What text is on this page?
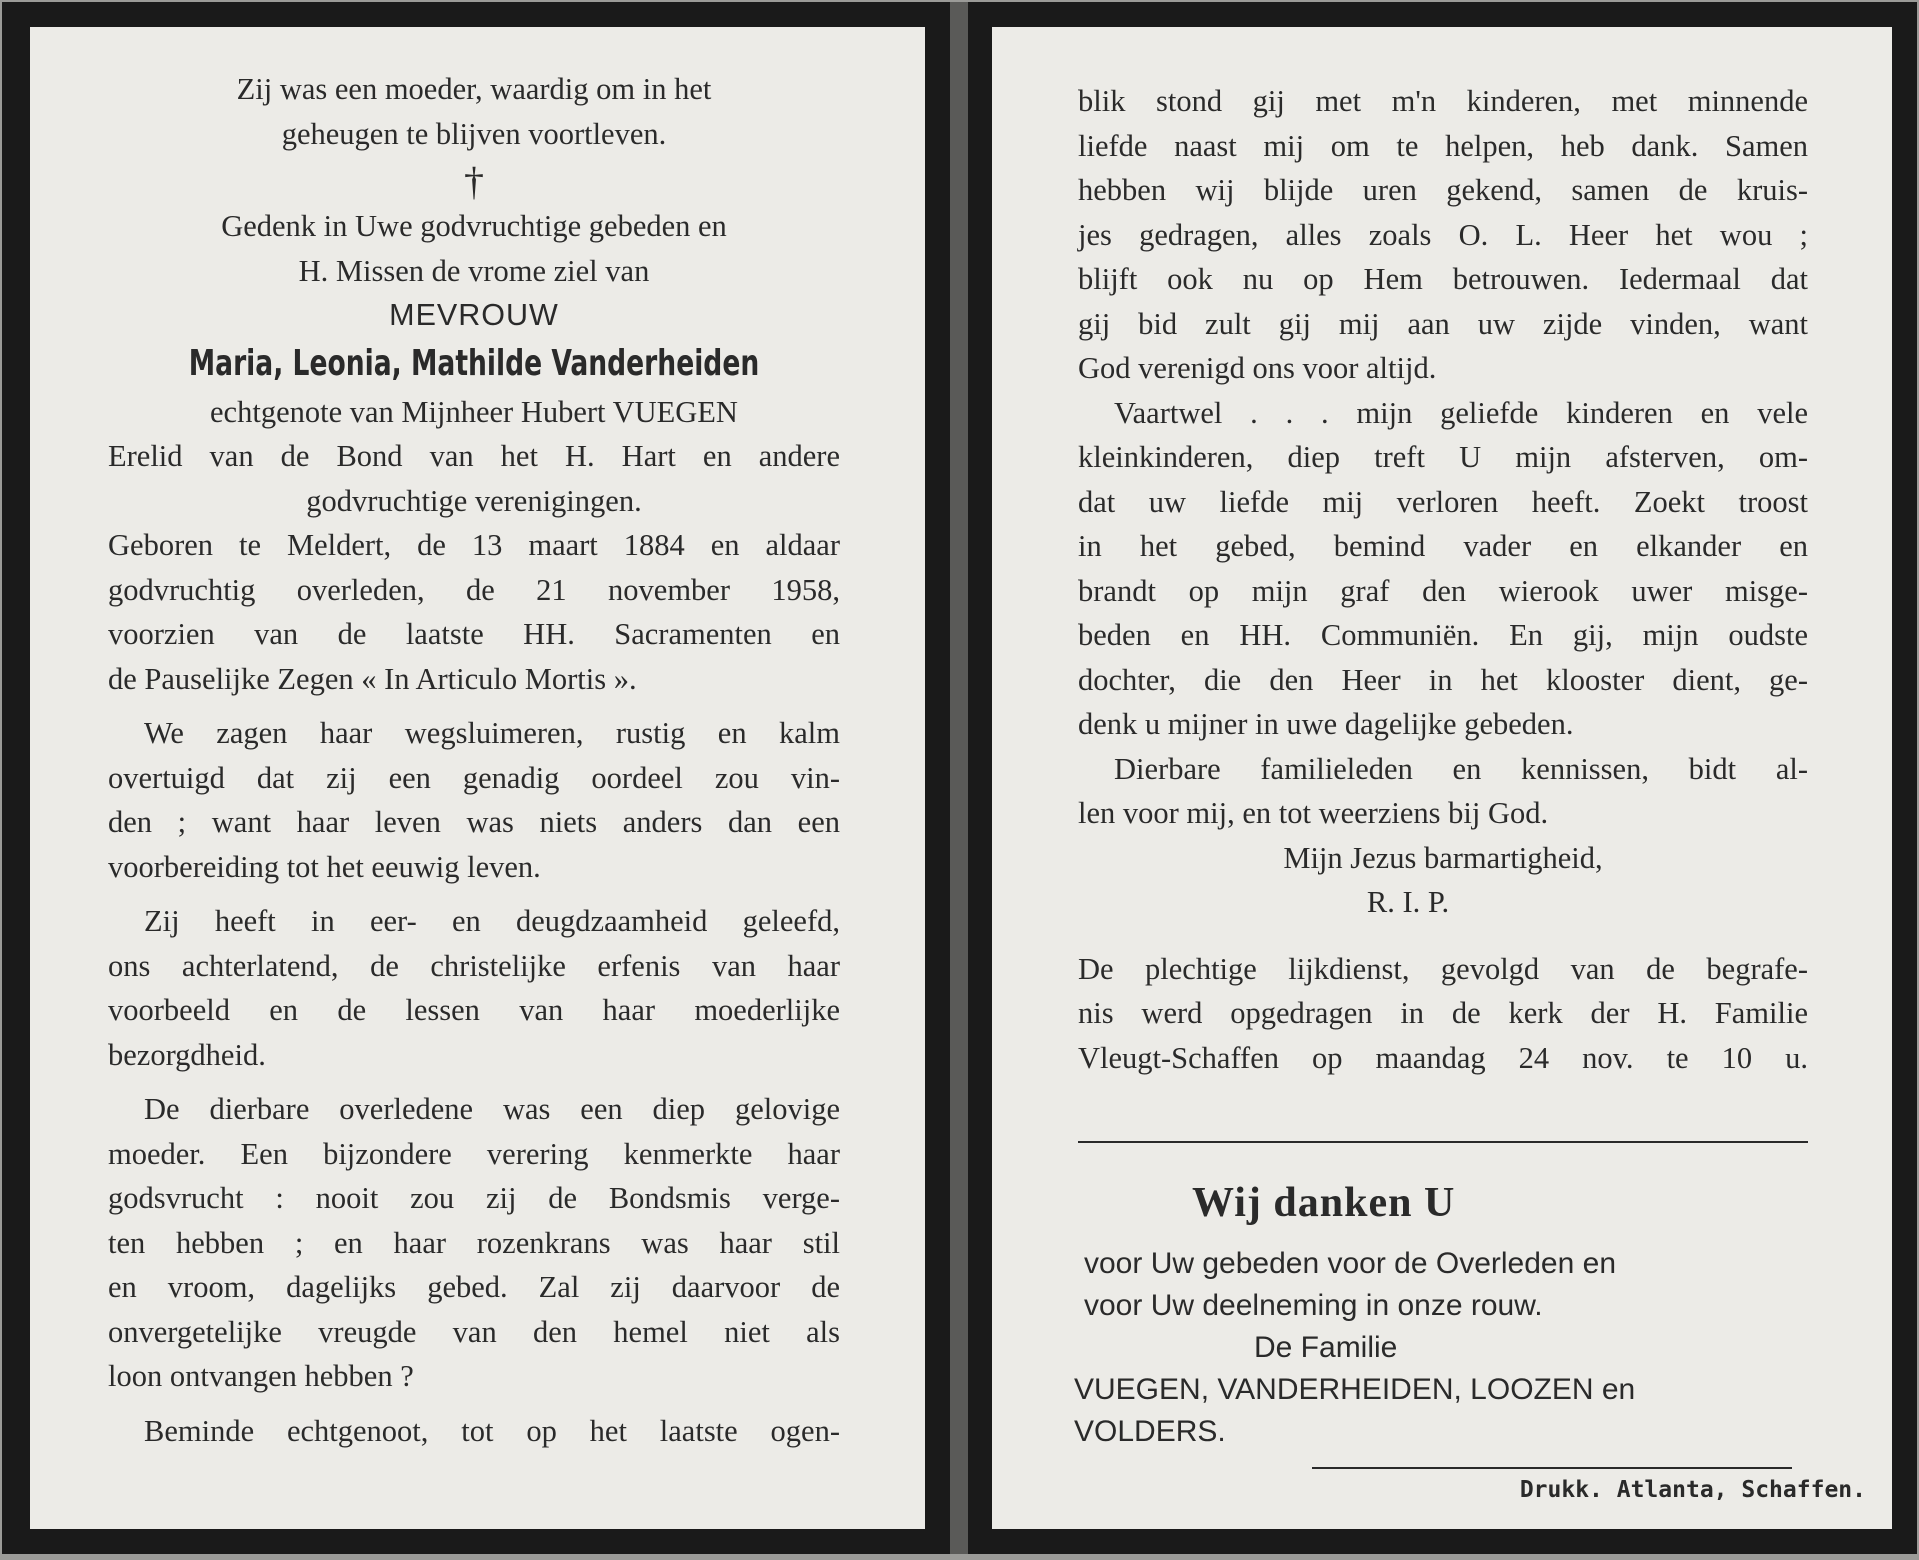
Zij was een moeder, waardig om in het

geheugen te blijven voortleven.

†

Gedenk in Uwe godvruchtige gebeden en

H. Missen de vrome ziel van

MEVROUW

Maria, Leonia, Mathilde Vanderheiden

echtgenote van Mijnheer Hubert VUEGEN

Erelid van de Bond van het H. Hart en andere

godvruchtige verenigingen.

Geboren te Meldert, de 13 maart 1884 en aldaar

godvruchtig overleden, de 21 november 1958,

voorzien van de laatste HH. Sacramenten en

de Pauselijke Zegen « In Articulo Mortis ».

We zagen haar wegsluimeren, rustig en kalm

overtuigd dat zij een genadig oordeel zou vin-

den ; want haar leven was niets anders dan een

voorbereiding tot het eeuwig leven.

Zij heeft in eer- en deugdzaamheid geleefd,

ons achterlatend, de christelijke erfenis van haar

voorbeeld en de lessen van haar moederlijke

bezorgdheid.

De dierbare overledene was een diep gelovige

moeder. Een bijzondere verering kenmerkte haar

godsvrucht : nooit zou zij de Bondsmis verge-

ten hebben ; en haar rozenkrans was haar stil

en vroom, dagelijks gebed. Zal zij daarvoor de

onvergetelijke vreugde van den hemel niet als

loon ontvangen hebben ?

Beminde echtgenoot, tot op het laatste ogen-

blik stond gij met m'n kinderen, met minnende

liefde naast mij om te helpen, heb dank. Samen

hebben wij blijde uren gekend, samen de kruis-

jes gedragen, alles zoals O. L. Heer het wou ;

blijft ook nu op Hem betrouwen. Iedermaal dat

gij bid zult gij mij aan uw zijde vinden, want

God verenigd ons voor altijd.

Vaartwel . . . mijn geliefde kinderen en vele

kleinkinderen, diep treft U mijn afsterven, om-

dat uw liefde mij verloren heeft. Zoekt troost

in het gebed, bemind vader en elkander en

brandt op mijn graf den wierook uwer misge-

beden en HH. Communiën. En gij, mijn oudste

dochter, die den Heer in het klooster dient, ge-

denk u mijner in uwe dagelijke gebeden.

Dierbare familieleden en kennissen, bidt al-

len voor mij, en tot weerziens bij God.

Mijn Jezus barmartigheid,

R. I. P.

De plechtige lijkdienst, gevolgd van de begrafe-

nis werd opgedragen in de kerk der H. Familie

Vleugt-Schaffen op maandag 24 nov. te 10 u.

Wij danken U

voor Uw gebeden voor de Overleden en

voor Uw deelneming in onze rouw.

De Familie

VUEGEN, VANDERHEIDEN, LOOZEN en

VOLDERS.

Drukk. Atlanta, Schaffen.
